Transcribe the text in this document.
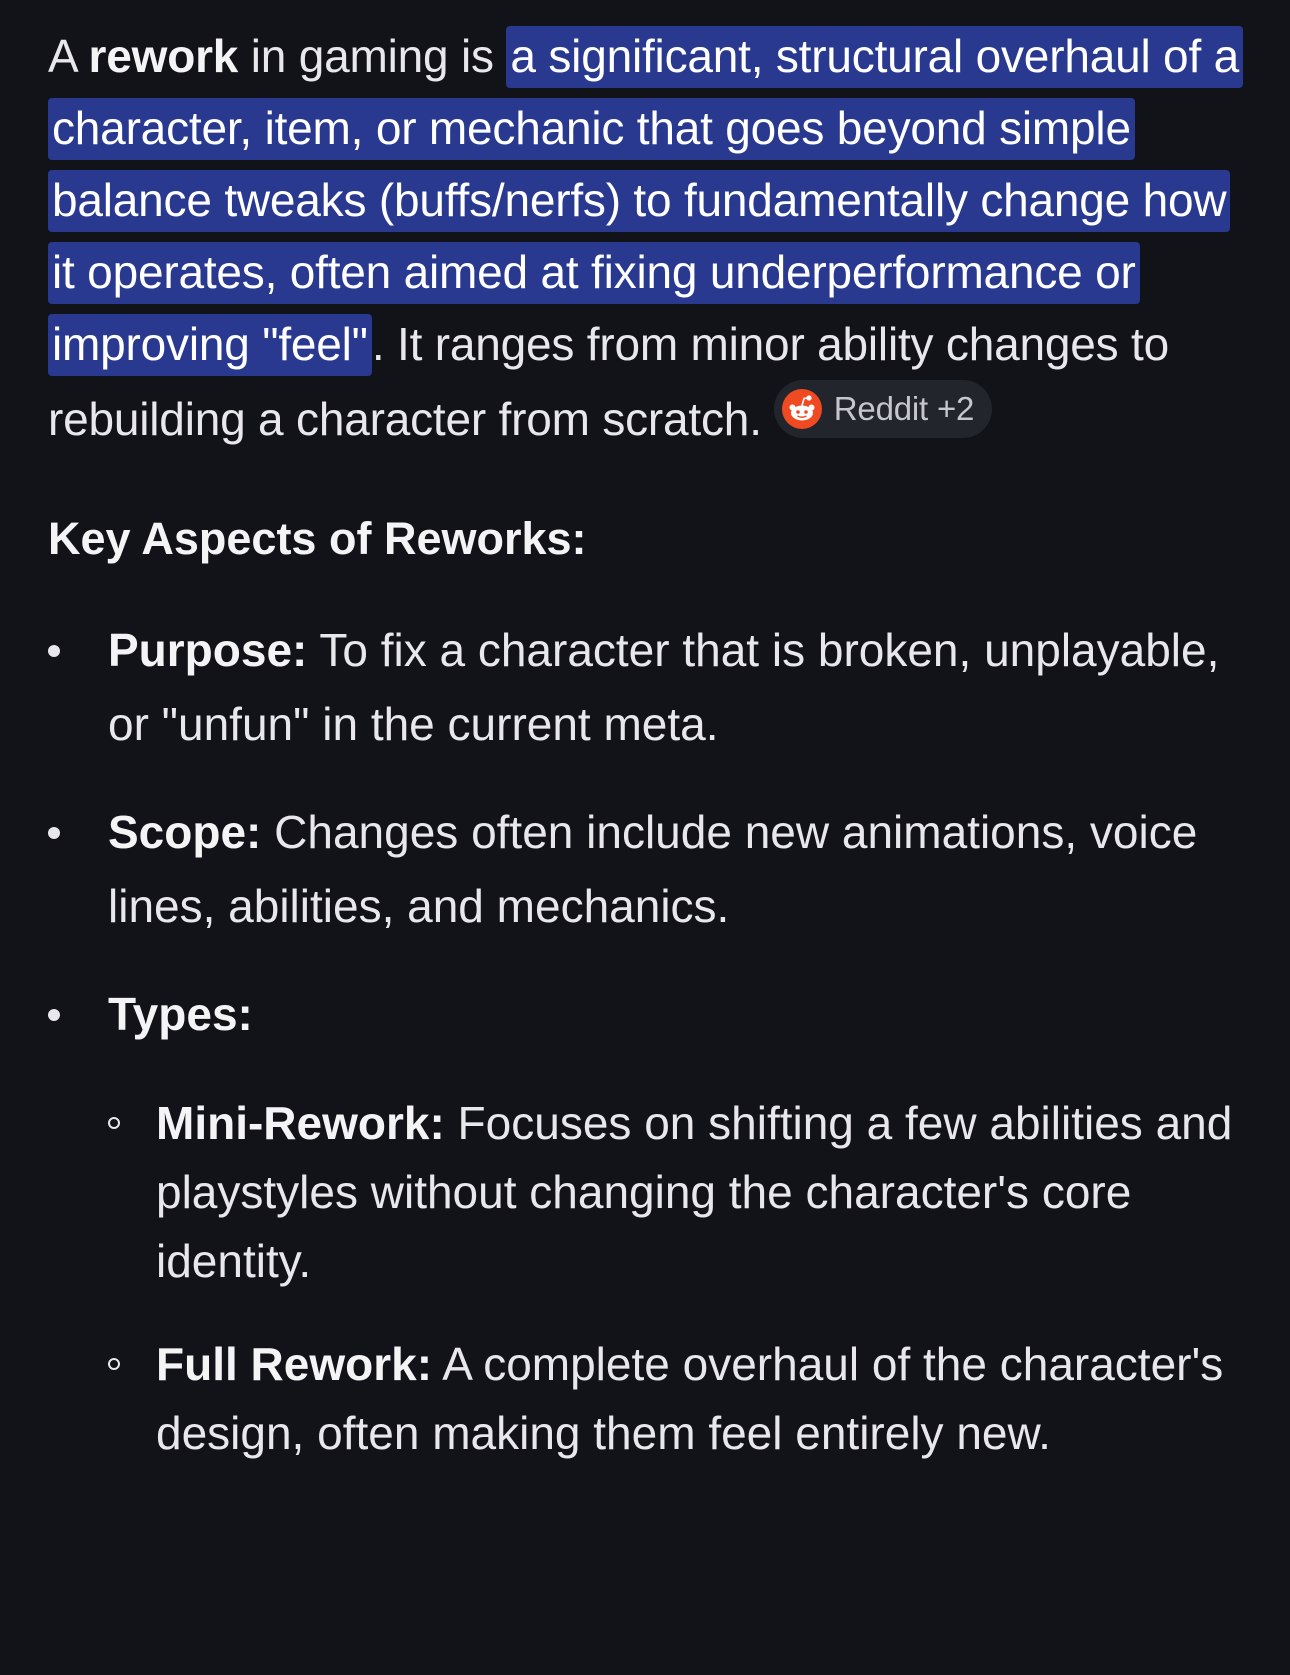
A rework in gaming is a significant, structural overhaul of a character, item, or mechanic that goes beyond simple balance tweaks (buffs/nerfs) to fundamentally change how it operates, often aimed at fixing underperformance or improving "feel". It ranges from minor ability changes to rebuilding a character from scratch. Reddit +2

Key Aspects of Reworks:
Purpose: To fix a character that is broken, unplayable, or "unfun" in the current meta.
Scope: Changes often include new animations, voice lines, abilities, and mechanics.
Types:
Mini-Rework: Focuses on shifting a few abilities and playstyles without changing the character's core identity.
Full Rework: A complete overhaul of the character's design, often making them feel entirely new.
